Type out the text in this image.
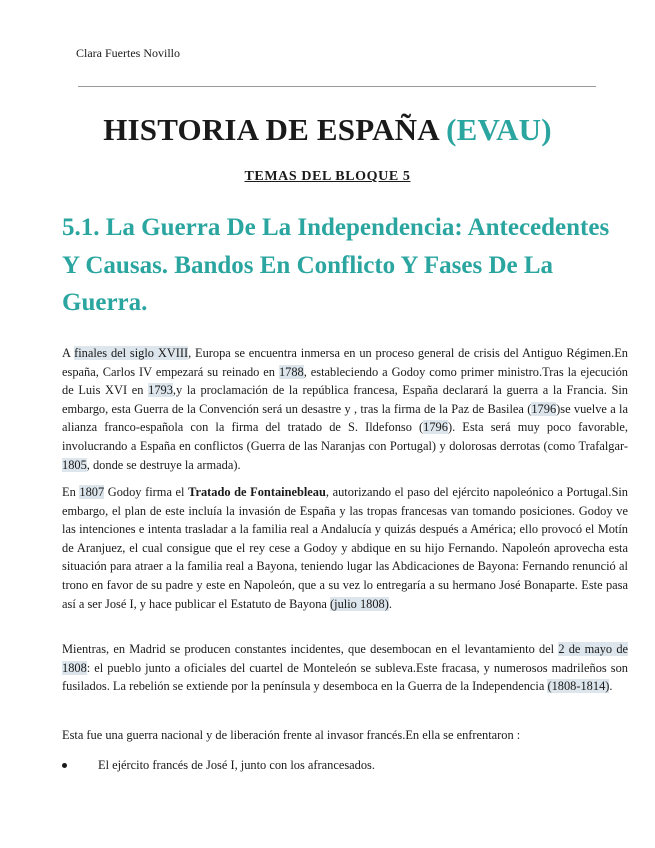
Clara Fuertes Novillo
HISTORIA DE ESPAÑA (EVAU)
TEMAS DEL BLOQUE 5
5.1. La Guerra De La Independencia: Antecedentes Y Causas. Bandos En Conflicto Y Fases De La Guerra.

A finales del siglo XVIII, Europa se encuentra inmersa en un proceso general de crisis del Antiguo Régimen.En españa, Carlos IV empezará su reinado en 1788, estableciendo a Godoy como primer ministro.Tras la ejecución de Luis XVI en 1793,y la proclamación de la república francesa, España declarará la guerra a la Francia. Sin embargo, esta Guerra de la Convención será un desastre y , tras la firma de la Paz de Basilea (1796)se vuelve a la alianza franco-española con la firma del tratado de S. Ildefonso (1796). Esta será muy poco favorable, involucrando a España en conflictos (Guerra de las Naranjas con Portugal) y dolorosas derrotas (como Trafalgar-1805, donde se destruye la armada).

En 1807 Godoy firma el Tratado de Fontainebleau, autorizando el paso del ejército napoleónico a Portugal.Sin embargo, el plan de este incluía la invasión de España y las tropas francesas van tomando posiciones. Godoy ve las intenciones e intenta trasladar a la familia real a Andalucía y quizás después a América; ello provocó el Motín de Aranjuez, el cual consigue que el rey cese a Godoy y abdique en su hijo Fernando. Napoleón aprovecha esta situación para atraer a la familia real a Bayona, teniendo lugar las Abdicaciones de Bayona: Fernando renunció al trono en favor de su padre y este en Napoleón, que a su vez lo entregaría a su hermano José Bonaparte. Este pasa así a ser José I, y hace publicar el Estatuto de Bayona (julio 1808).

Mientras, en Madrid se producen constantes incidentes, que desembocan en el levantamiento del 2 de mayo de 1808: el pueblo junto a oficiales del cuartel de Monteleón se subleva.Este fracasa, y numerosos madrileños son fusilados. La rebelión se extiende por la península y desemboca en la Guerra de la Independencia (1808-1814).

Esta fue una guerra nacional y de liberación frente al invasor francés.En ella se enfrentaron :

El ejército francés de José I, junto con los afrancesados.
